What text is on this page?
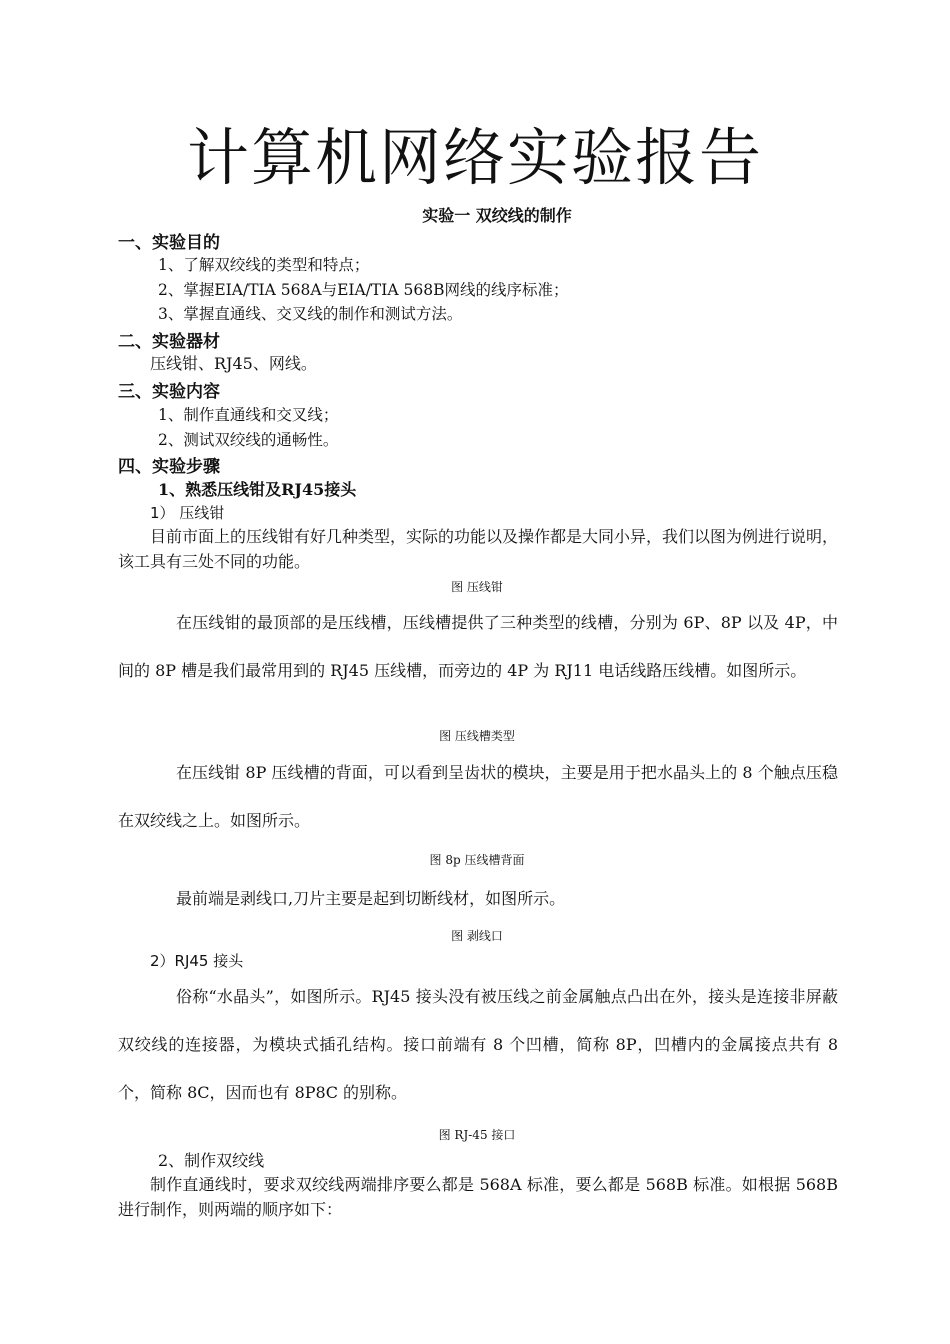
计算机网络实验报告
实验一 双绞线的制作
一、实验目的
1、了解双绞线的类型和特点；
2、掌握EIA/TIA 568A与EIA/TIA 568B网线的线序标准；
3、掌握直通线、交叉线的制作和测试方法。
二、实验器材
压线钳、RJ45、网线。
三、实验内容
1、制作直通线和交叉线；
2、测试双绞线的通畅性。
四、实验步骤
1、熟悉压线钳及RJ45接头
1） 压线钳
目前市面上的压线钳有好几种类型，实际的功能以及操作都是大同小异，我们以图为例进行说明，该工具有三处不同的功能。
图 压线钳
在压线钳的最顶部的是压线槽，压线槽提供了三种类型的线槽，分别为 6P、8P 以及 4P，中间的 8P 槽是我们最常用到的 RJ45 压线槽，而旁边的 4P 为 RJ11 电话线路压线槽。如图所示。
图 压线槽类型
在压线钳 8P 压线槽的背面，可以看到呈齿状的模块，主要是用于把水晶头上的 8 个触点压稳在双绞线之上。如图所示。
图 8p 压线槽背面
最前端是剥线口,刀片主要是起到切断线材，如图所示。
图 剥线口
2）RJ45 接头
俗称“水晶头”，如图所示。RJ45 接头没有被压线之前金属触点凸出在外，接头是连接非屏蔽双绞线的连接器，为模块式插孔结构。接口前端有 8 个凹槽，简称 8P，凹槽内的金属接点共有 8 个，简称 8C，因而也有 8P8C 的别称。
图 RJ-45 接口
2、制作双绞线
制作直通线时，要求双绞线两端排序要么都是 568A 标准，要么都是 568B 标准。如根据 568B 进行制作，则两端的顺序如下：
